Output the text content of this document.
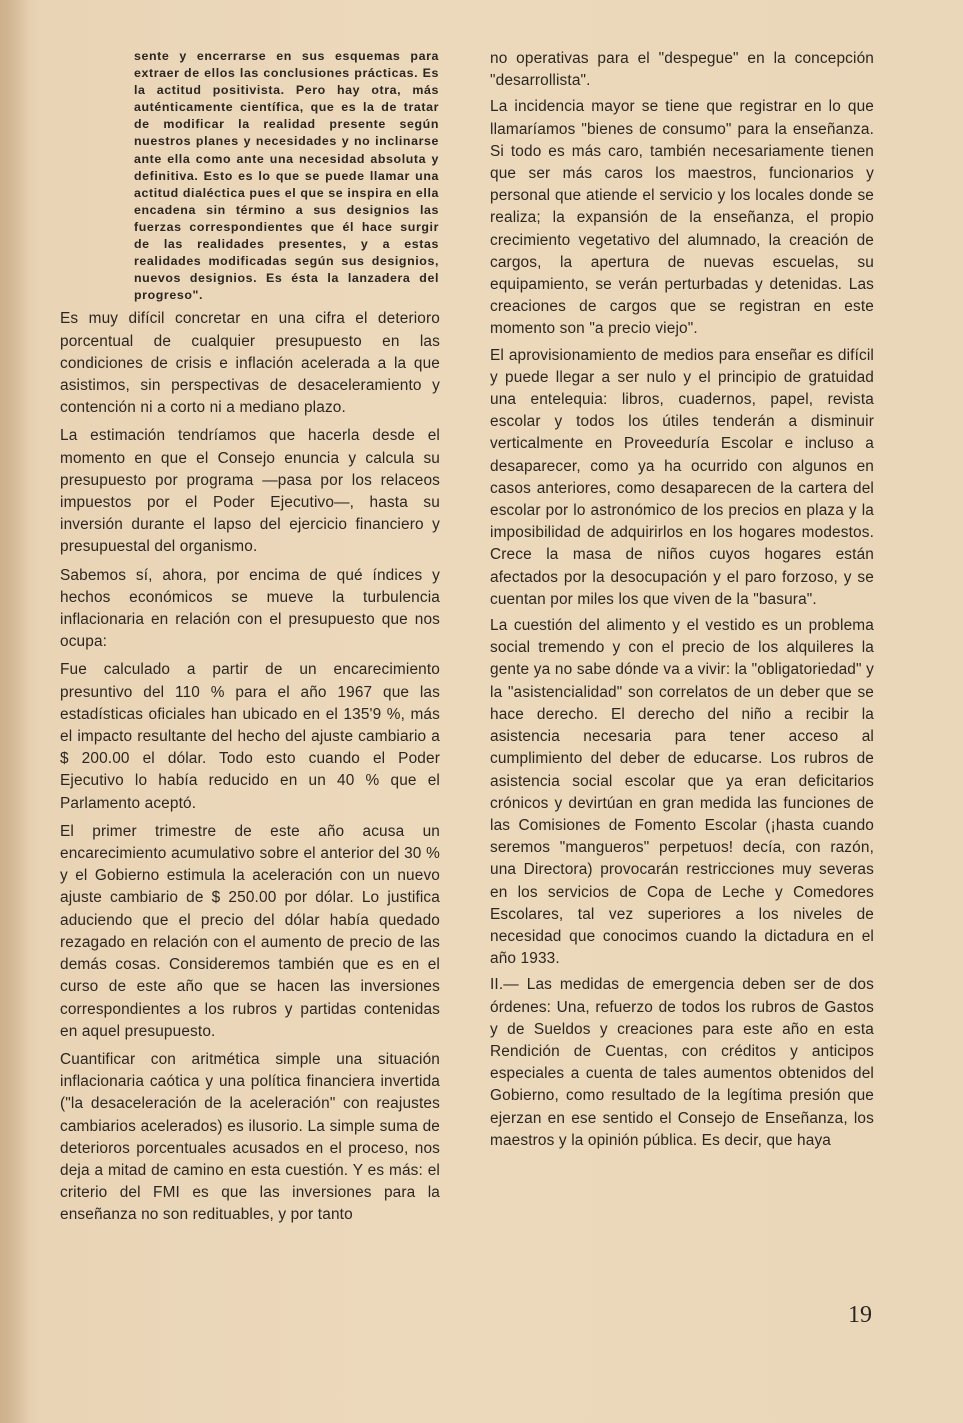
sente y encerrarse en sus esquemas para extraer de ellos las conclusiones prácticas. Es la actitud positivista. Pero hay otra, más auténticamente científica, que es la de tratar de modificar la realidad presente según nuestros planes y necesidades y no inclinarse ante ella como ante una necesidad absoluta y definitiva. Esto es lo que se puede llamar una actitud dialéctica pues el que se inspira en ella encadena sin término a sus designios las fuerzas correspondientes que él hace surgir de las realidades presentes, y a estas realidades modificadas según sus designios, nuevos designios. Es ésta la lanzadera del progreso".

Es muy difícil concretar en una cifra el deterioro porcentual de cualquier presupuesto en las condiciones de crisis e inflación acelerada a la que asistimos, sin perspectivas de desaceleramiento y contención ni a corto ni a mediano plazo.

La estimación tendríamos que hacerla desde el momento en que el Consejo enuncia y calcula su presupuesto por programa —pasa por los relaceos impuestos por el Poder Ejecutivo—, hasta su inversión durante el lapso del ejercicio financiero y presupuestal del organismo.

Sabemos sí, ahora, por encima de qué índices y hechos económicos se mueve la turbulencia inflacionaria en relación con el presupuesto que nos ocupa:

Fue calculado a partir de un encarecimiento presuntivo del 110 % para el año 1967 que las estadísticas oficiales han ubicado en el 135'9 %, más el impacto resultante del hecho del ajuste cambiario a $ 200.00 el dólar. Todo esto cuando el Poder Ejecutivo lo había reducido en un 40 % que el Parlamento aceptó.

El primer trimestre de este año acusa un encarecimiento acumulativo sobre el anterior del 30 % y el Gobierno estimula la aceleración con un nuevo ajuste cambiario de $ 250.00 por dólar. Lo justifica aduciendo que el precio del dólar había quedado rezagado en relación con el aumento de precio de las demás cosas. Consideremos también que es en el curso de este año que se hacen las inversiones correspondientes a los rubros y partidas contenidas en aquel presupuesto.

Cuantificar con aritmética simple una situación inflacionaria caótica y una política financiera invertida ("la desaceleración de la aceleración" con reajustes cambiarios acelerados) es ilusorio. La simple suma de deterioros porcentuales acusados en el proceso, nos deja a mitad de camino en esta cuestión. Y es más: el criterio del FMI es que las inversiones para la enseñanza no son redituables, y por tanto

no operativas para el "despegue" en la concepción "desarrollista".

La incidencia mayor se tiene que registrar en lo que llamaríamos "bienes de consumo" para la enseñanza. Si todo es más caro, también necesariamente tienen que ser más caros los maestros, funcionarios y personal que atiende el servicio y los locales donde se realiza; la expansión de la enseñanza, el propio crecimiento vegetativo del alumnado, la creación de cargos, la apertura de nuevas escuelas, su equipamiento, se verán perturbadas y detenidas. Las creaciones de cargos que se registran en este momento son "a precio viejo".

El aprovisionamiento de medios para enseñar es difícil y puede llegar a ser nulo y el principio de gratuidad una entelequia: libros, cuadernos, papel, revista escolar y todos los útiles tenderán a disminuir verticalmente en Proveeduría Escolar e incluso a desaparecer, como ya ha ocurrido con algunos en casos anteriores, como desaparecen de la cartera del escolar por lo astronómico de los precios en plaza y la imposibilidad de adquirirlos en los hogares modestos. Crece la masa de niños cuyos hogares están afectados por la desocupación y el paro forzoso, y se cuentan por miles los que viven de la "basura".

La cuestión del alimento y el vestido es un problema social tremendo y con el precio de los alquileres la gente ya no sabe dónde va a vivir: la "obligatoriedad" y la "asistencialidad" son correlatos de un deber que se hace derecho. El derecho del niño a recibir la asistencia necesaria para tener acceso al cumplimiento del deber de educarse. Los rubros de asistencia social escolar que ya eran deficitarios crónicos y devirtúan en gran medida las funciones de las Comisiones de Fomento Escolar (¡hasta cuando seremos "mangueros" perpetuos! decía, con razón, una Directora) provocarán restricciones muy severas en los servicios de Copa de Leche y Comedores Escolares, tal vez superiores a los niveles de necesidad que conocimos cuando la dictadura en el año 1933.

II.— Las medidas de emergencia deben ser de dos órdenes: Una, refuerzo de todos los rubros de Gastos y de Sueldos y creaciones para este año en esta Rendición de Cuentas, con créditos y anticipos especiales a cuenta de tales aumentos obtenidos del Gobierno, como resultado de la legítima presión que ejerzan en ese sentido el Consejo de Enseñanza, los maestros y la opinión pública. Es decir, que haya

19
